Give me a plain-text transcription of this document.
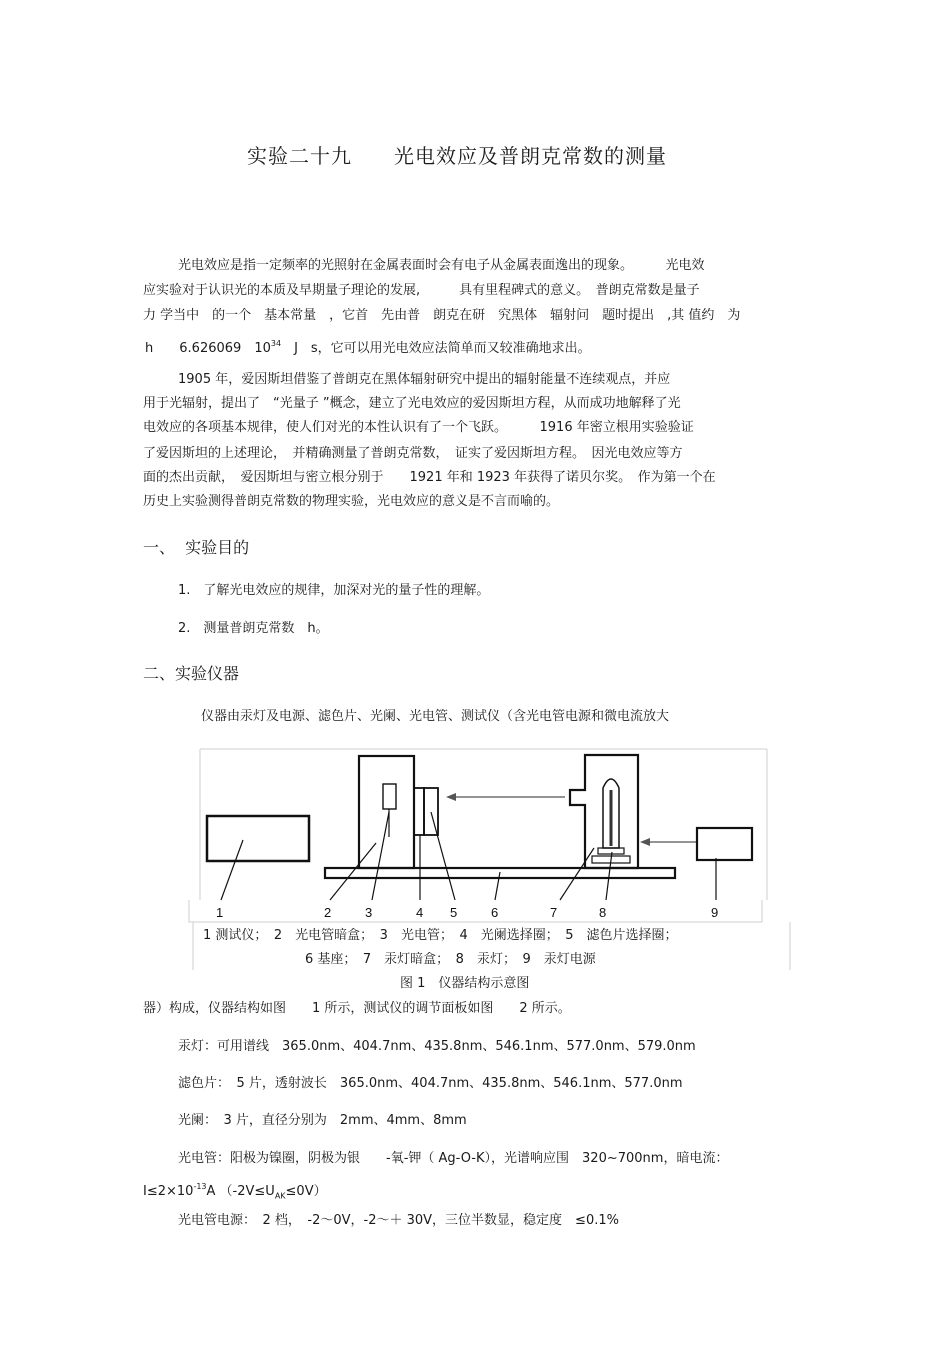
实验二十九　　光电效应及普朗克常数的测量
光电效应是指一定频率的光照射在金属表面时会有电子从金属表面逸出的现象。　　　光电效
应实验对于认识光的本质及早期量子理论的发展,　　　具有里程碑式的意义。　普朗克常数是量子
力 学当中　的一个　基本常量　，它首　先由普　朗克在研　究黑体　辐射问　题时提出　,其 值约　为
h　　 6.626069　 $10^{34}$　 J　s，它可以用光电效应法简单而又较准确地求出。
1905 年，爱因斯坦借鉴了普朗克在黑体辐射研究中提出的辐射能量不连续观点，并应
用于光辐射，提出了　“光量子 ”概念，建立了光电效应的爱因斯坦方程，从而成功地解释了光
电效应的各项基本规律，使人们对光的本性认识有了一个飞跃。　　　1916 年密立根用实验验证
了爱因斯坦的上述理论，　并精确测量了普朗克常数，　证实了爱因斯坦方程。　因光电效应等方
面的杰出贡献，　爱因斯坦与密立根分别于　　1921 年和 1923 年获得了诺贝尔奖。　作为第一个在
历史上实验测得普朗克常数的物理实验，光电效应的意义是不言而喻的。
一、  实验目的
1.　了解光电效应的规律，加深对光的量子性的理解。
2.　测量普朗克常数　h。
二、实验仪器
仪器由汞灯及电源、滤色片、光阑、光电管、测试仪（含光电管电源和微电流放大
1	2	3	4 5	6	7	8	9
1 测试仪；　2　光电管暗盒；　3　光电管；　4　光阑选择圈；　5　滤色片选择圈；
6 基座；　7　汞灯暗盒；　8　汞灯；　9　汞灯电源
图 1　仪器结构示意图
器）构成，仪器结构如图　　1 所示，测试仪的调节面板如图　　2 所示。
汞灯：可用谱线　365.0nm、404.7nm、435.8nm、546.1nm、577.0nm、579.0nm
滤色片：　5 片，透射波长　365.0nm、404.7nm、435.8nm、546.1nm、577.0nm
光阑：　3 片，直径分别为　2mm、4mm、8mm
光电管：阳极为镍圈，阴极为银　　-氧-钾（ Ag-O-K），光谱响应围　320~700nm，暗电流：
$I\le 2\times 10^{-13}A$ $(-2V\le U_{AK}\le 0V)$
光电管电源：　2 档，　-2～0V，-2～＋ 30V，三位半数显，稳定度　≤0.1%
